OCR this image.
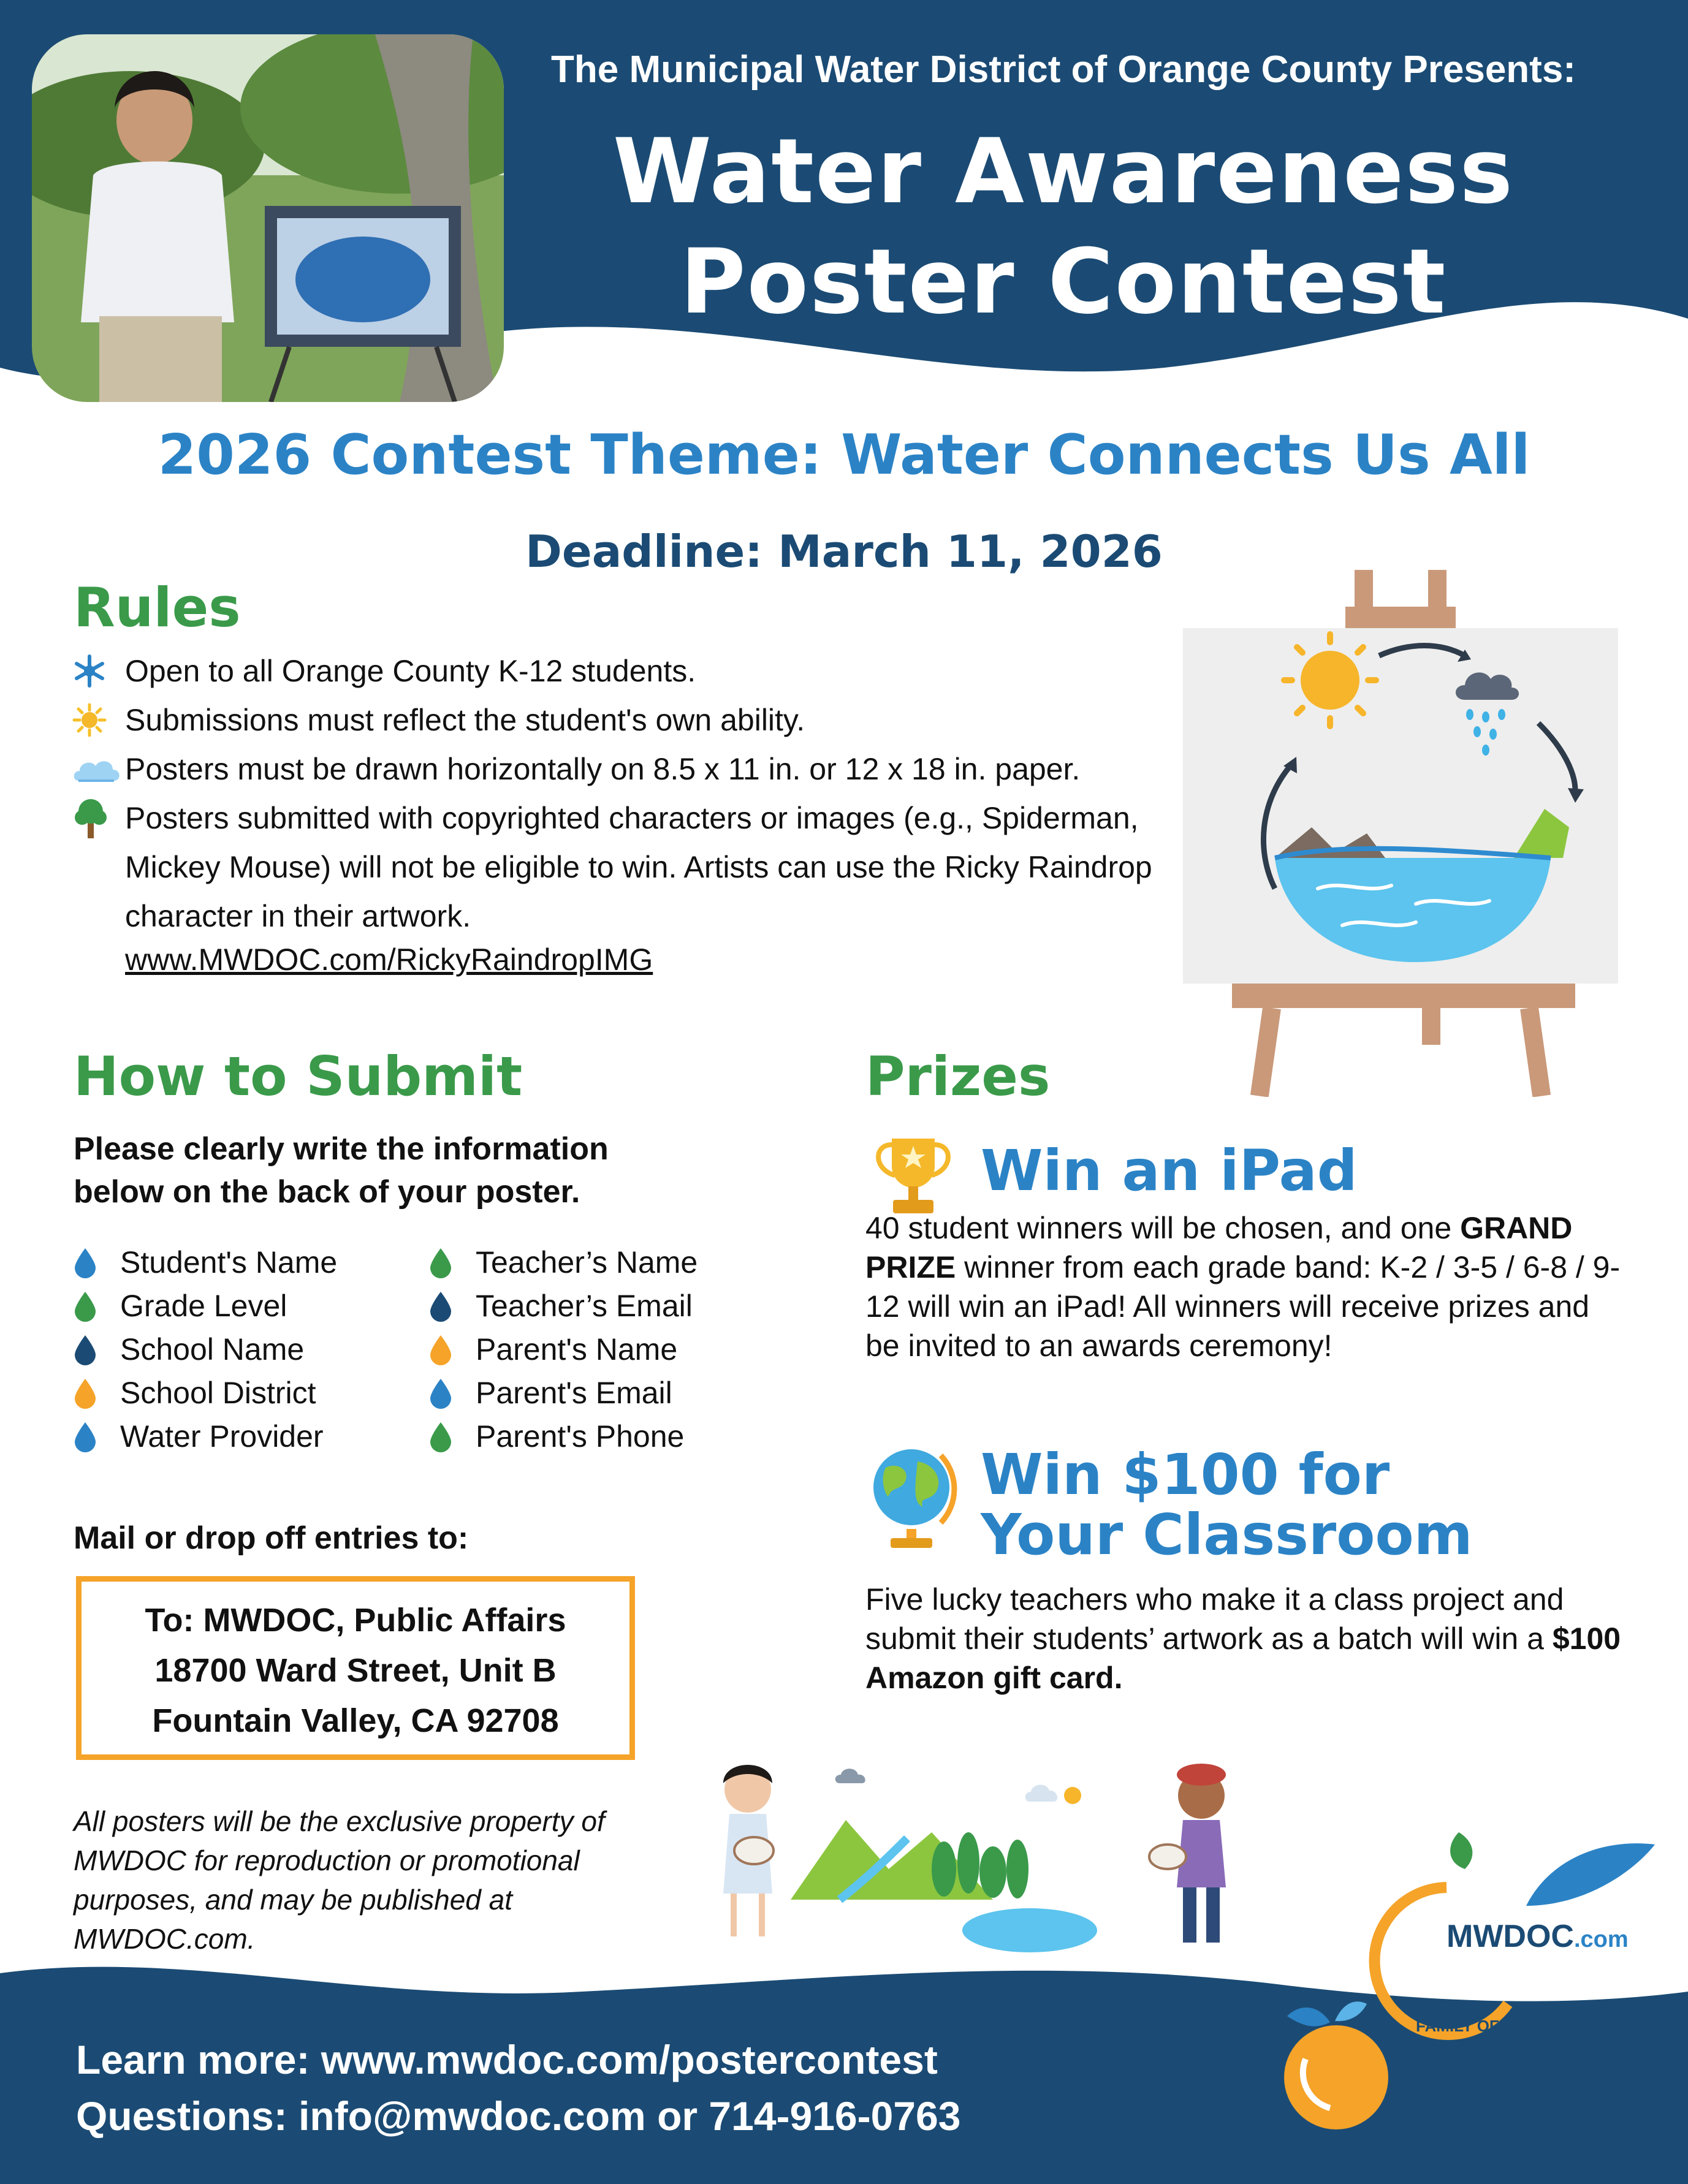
The Municipal Water District of Orange County Presents:
Water Awareness
Poster Contest
2026 Contest Theme: Water Connects Us All
Deadline: March 11, 2026
Rules
Open to all Orange County K-12 students.
Submissions must reflect the student's own ability.
Posters must be drawn horizontally on 8.5 x 11 in. or 12 x 18 in. paper.
Posters submitted with copyrighted characters or images (e.g., Spiderman, Mickey Mouse) will not be eligible to win. Artists can use the Ricky Raindrop character in their artwork.
www.MWDOC.com/RickyRaindropIMG
How to Submit
Please clearly write the information below on the back of your poster.
Student's Name
Grade Level
School Name
School District
Water Provider
Teacher’s Name
Teacher’s Email
Parent's Name
Parent's Email
Parent's Phone
Mail or drop off entries to:
To: MWDOC, Public Affairs
18700 Ward Street, Unit B
Fountain Valley, CA 92708
All posters will be the exclusive property of MWDOC for reproduction or promotional purposes, and may be published at MWDOC.com.
Prizes
Win an iPad
40 student winners will be chosen, and one GRAND PRIZE winner from each grade band: K-2 / 3-5 / 6-8 / 9-12 will win an iPad! All winners will receive prizes and be invited to an awards ceremony!
Win $100 for
Your Classroom
Five lucky teachers who make it a class project and submit their students’ artwork as a batch will win a $100 Amazon gift card.
MWDOC.com
FAMILY OF ORANGE COUNTY
WATER PROVIDERS
Learn more: www.mwdoc.com/postercontest
Questions: info@mwdoc.com or 714-916-0763
